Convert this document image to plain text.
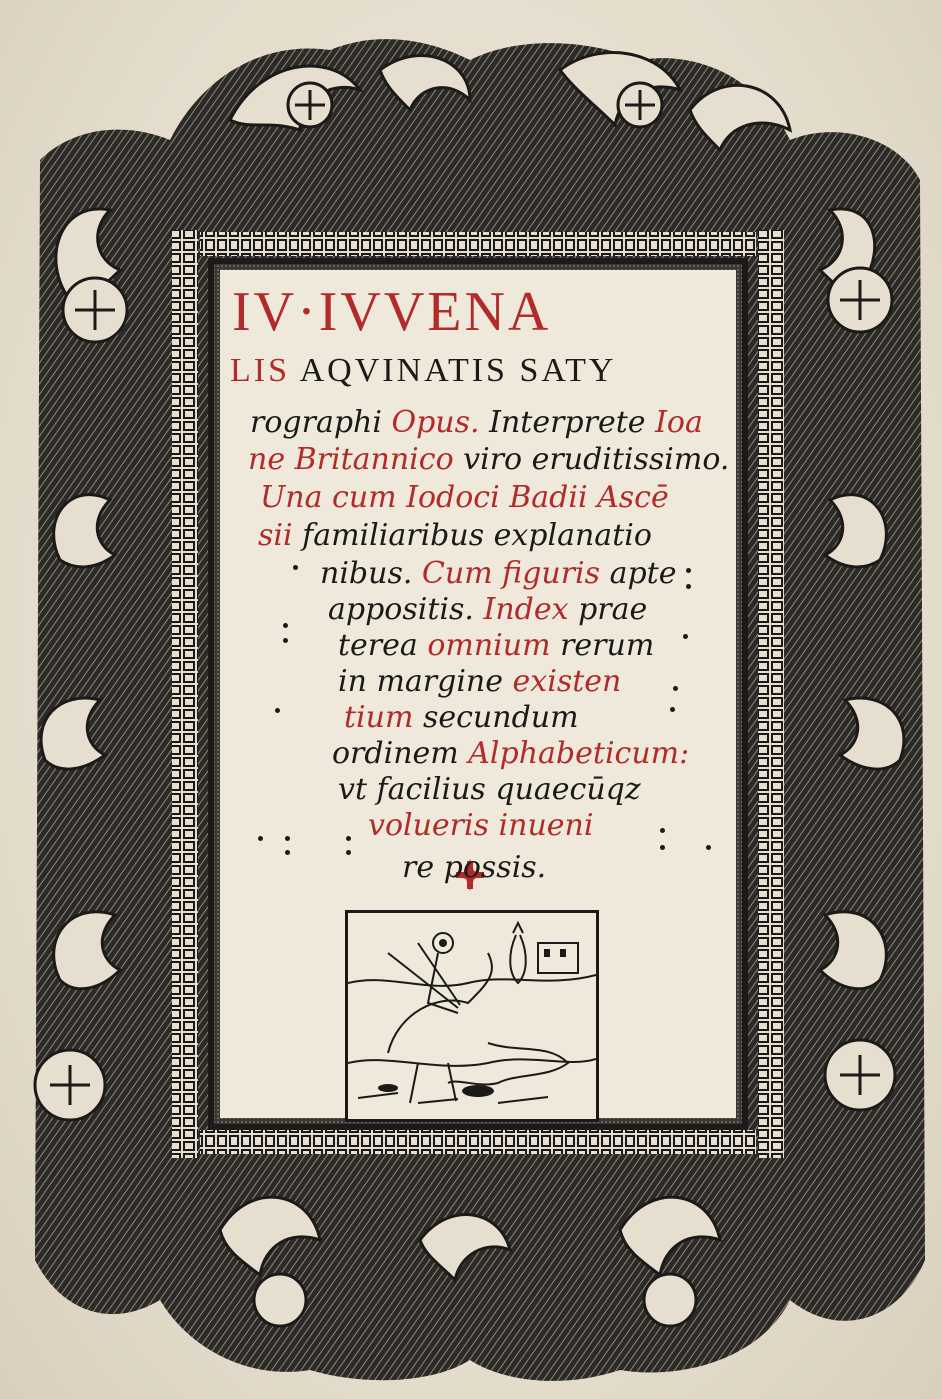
IV·IVVENA
LIS AQVINATIS SATY
rographi Opus. Interprete Ioa
ne Britannico viro eruditissimo.
Una cum Iodoci Badii Ascē
sii familiaribus explanatio
nibus. Cum figuris apte
appositis. Index prae
terea omnium rerum
in margine existen
tium secundum
ordinem Alphabeticum:
vt facilius quaecūqz
volueris inueni
re possis.
